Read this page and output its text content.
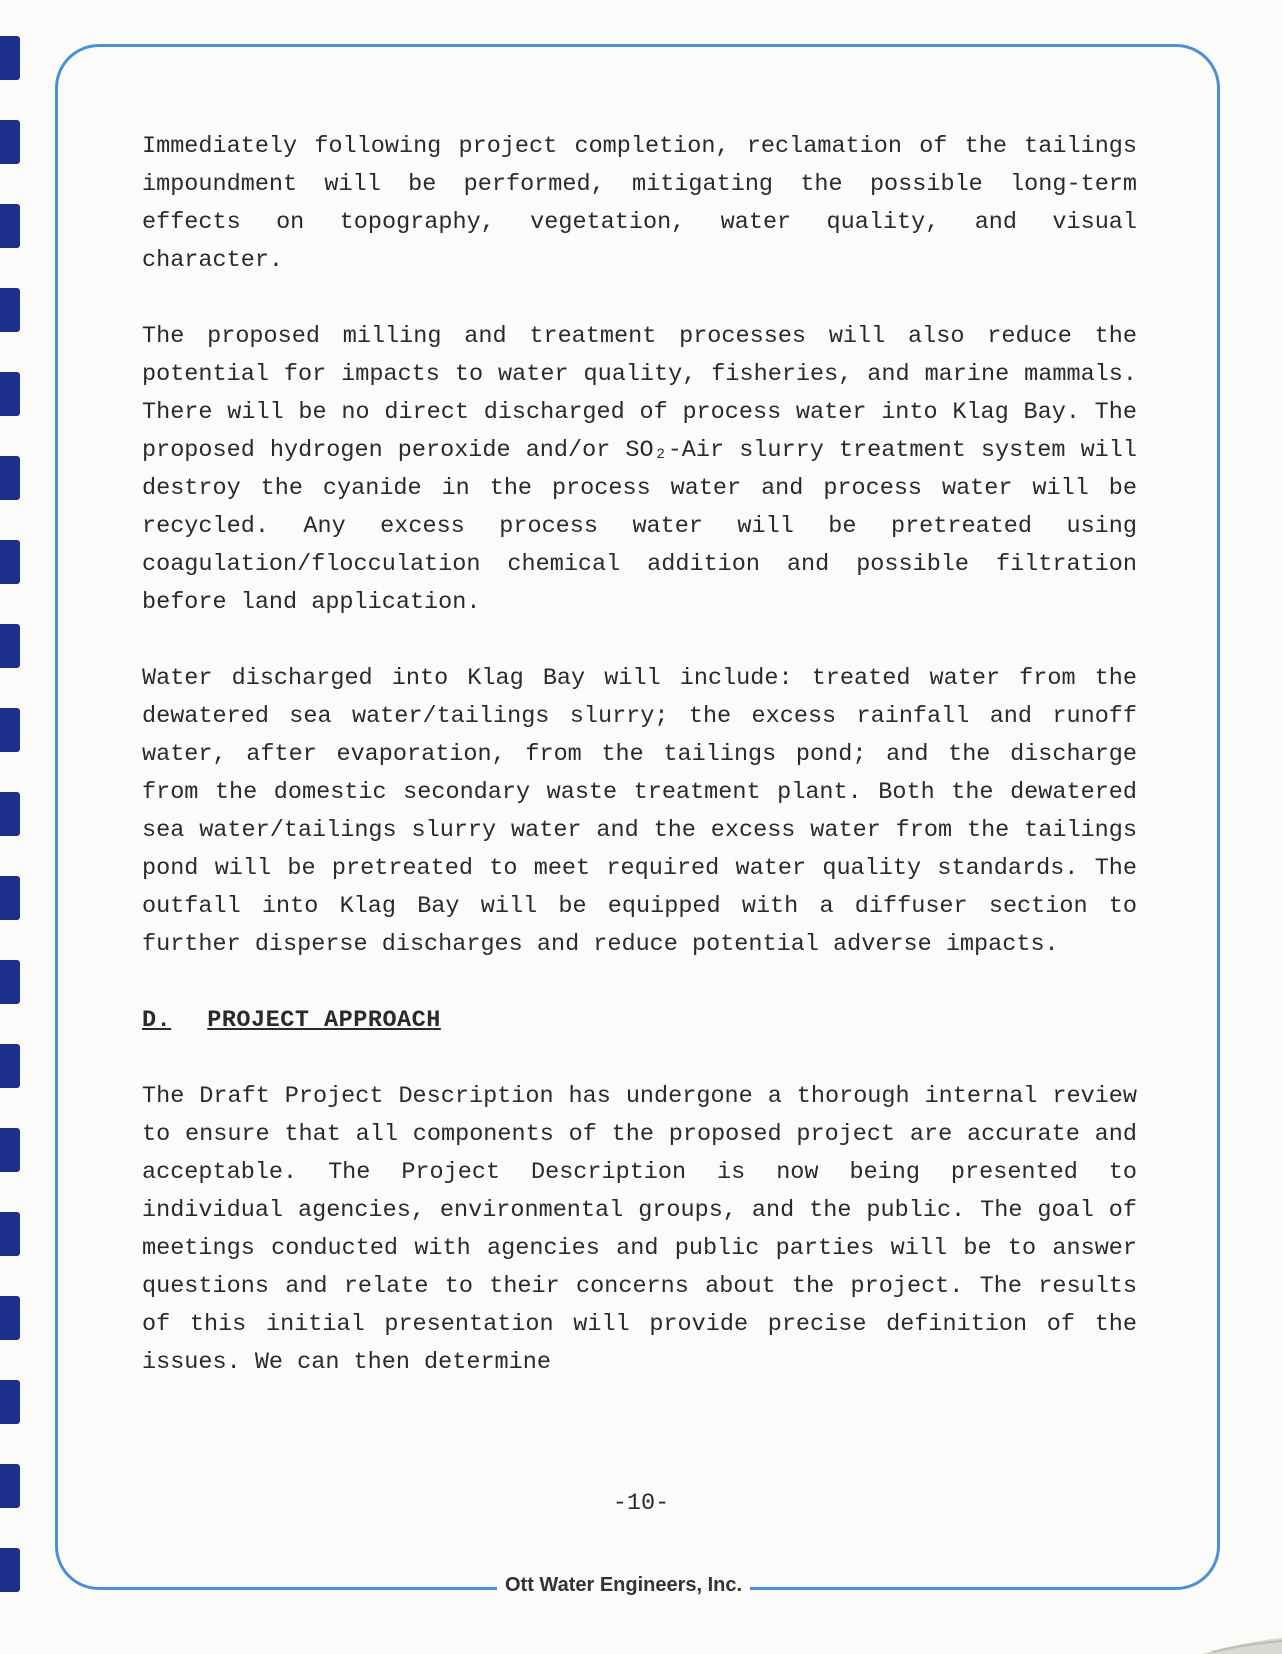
Immediately following project completion, reclamation of the tailings impoundment will be performed, mitigating the possible long-term effects on topography, vegetation, water quality, and visual character.

The proposed milling and treatment processes will also reduce the potential for impacts to water quality, fisheries, and marine mammals. There will be no direct discharged of process water into Klag Bay. The proposed hydrogen peroxide and/or SO₂-Air slurry treatment system will destroy the cyanide in the process water and process water will be recycled. Any excess process water will be pretreated using coagulation/flocculation chemical addition and possible filtration before land application.

Water discharged into Klag Bay will include: treated water from the dewatered sea water/tailings slurry; the excess rainfall and runoff water, after evaporation, from the tailings pond; and the discharge from the domestic secondary waste treatment plant. Both the dewatered sea water/tailings slurry water and the excess water from the tailings pond will be pretreated to meet required water quality standards. The outfall into Klag Bay will be equipped with a diffuser section to further disperse discharges and reduce potential adverse impacts.

D. PROJECT APPROACH

The Draft Project Description has undergone a thorough internal review to ensure that all components of the proposed project are accurate and acceptable. The Project Description is now being presented to individual agencies, environmental groups, and the public. The goal of meetings conducted with agencies and public parties will be to answer questions and relate to their concerns about the project. The results of this initial presentation will provide precise definition of the issues. We can then determine

-10-
Ott Water Engineers, Inc.
